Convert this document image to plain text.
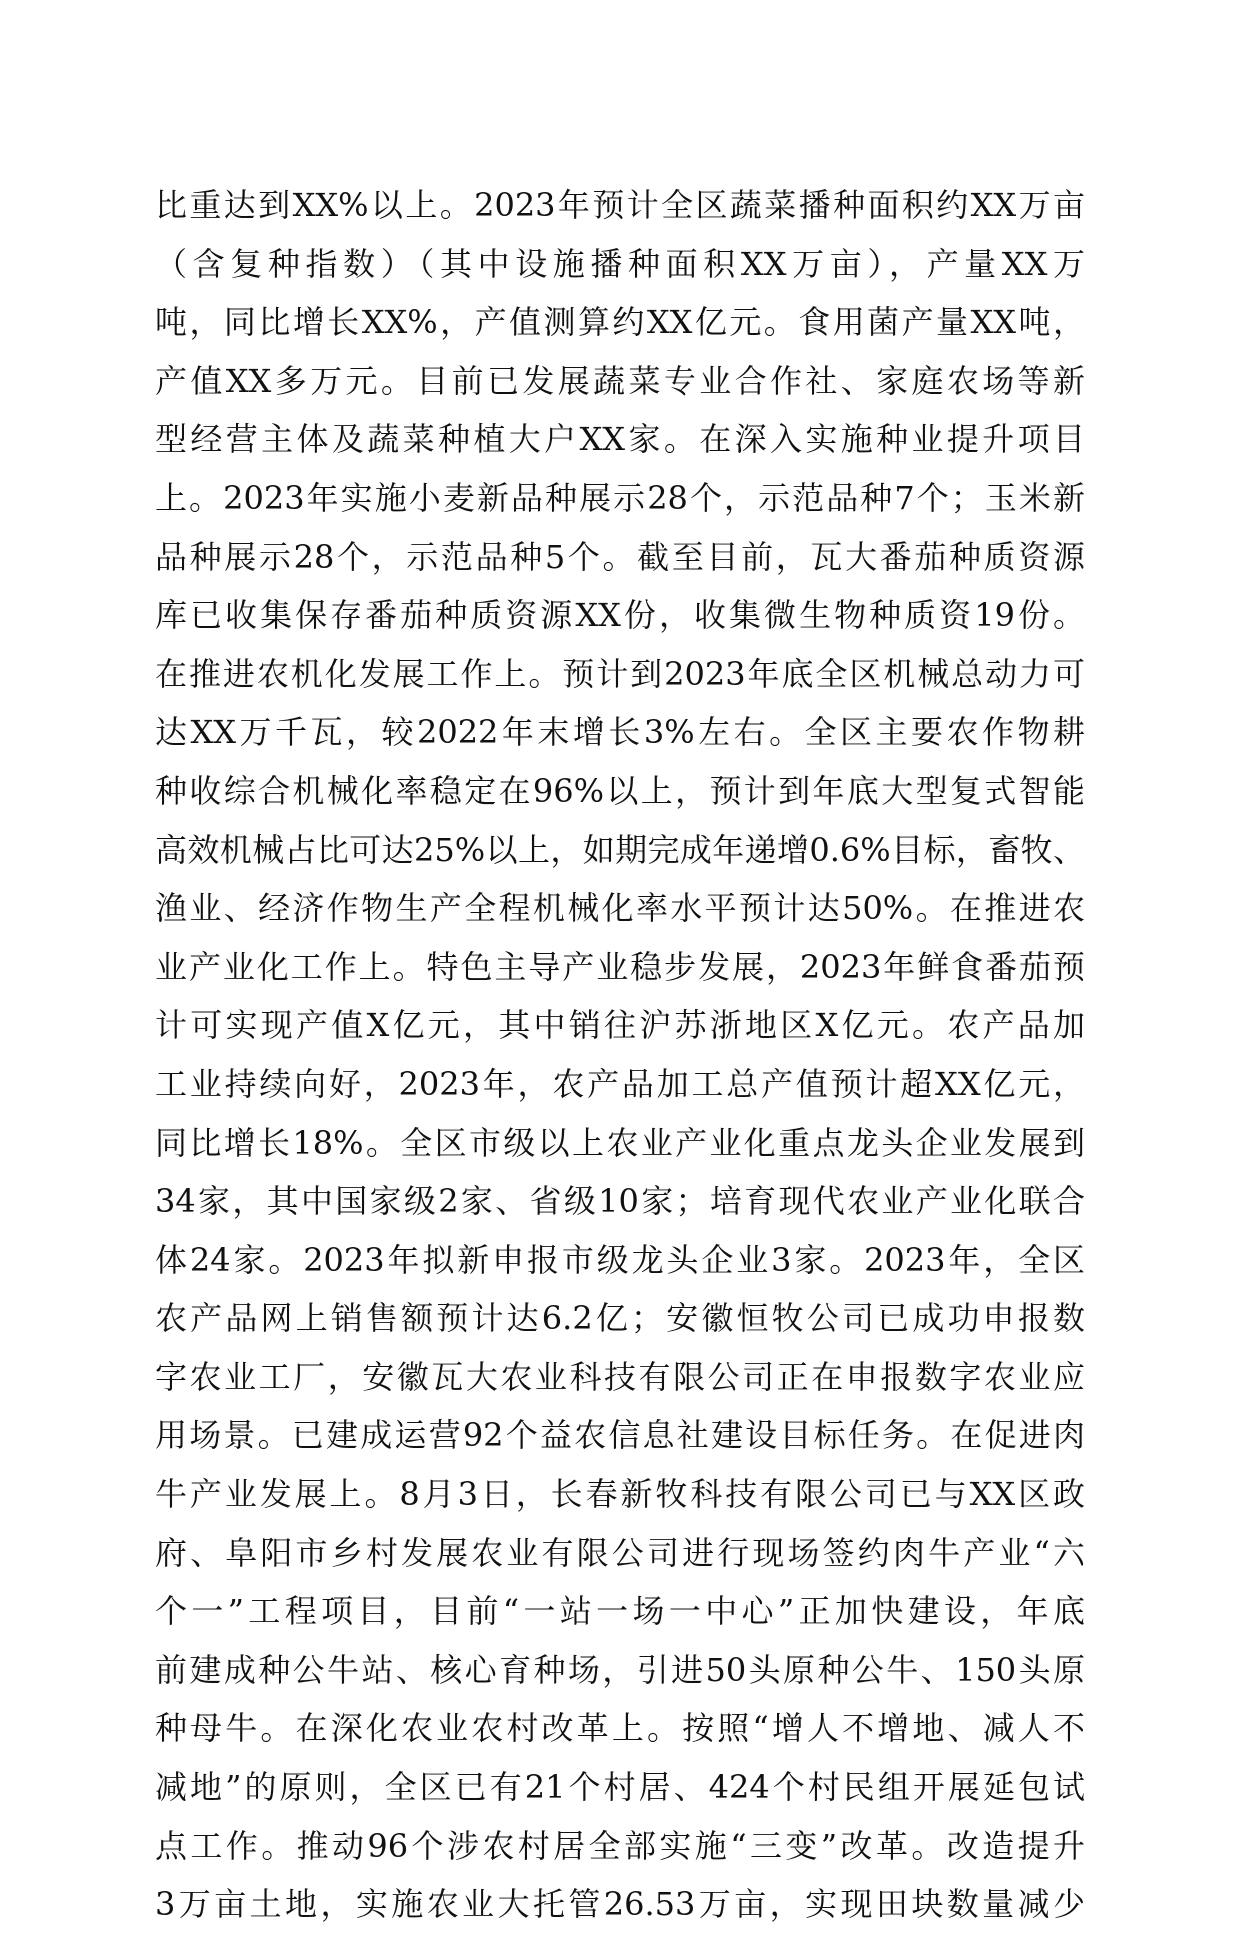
比重达到XX%以上。2023年预计全区蔬菜播种面积约XX万亩
（含复种指数）（其中设施播种面积XX万亩），产量XX万
吨，同比增长XX%，产值测算约XX亿元。食用菌产量XX吨，
产值XX多万元。目前已发展蔬菜专业合作社、家庭农场等新
型经营主体及蔬菜种植大户XX家。在深入实施种业提升项目
上。2023年实施小麦新品种展示28个，示范品种7个；玉米新
品种展示28个，示范品种5个。截至目前，瓦大番茄种质资源
库已收集保存番茄种质资源XX份，收集微生物种质资19份。
在推进农机化发展工作上。预计到2023年底全区机械总动力可
达XX万千瓦，较2022年末增长3%左右。全区主要农作物耕
种收综合机械化率稳定在96%以上，预计到年底大型复式智能
高效机械占比可达25%以上，如期完成年递增0.6%目标，畜牧、
渔业、经济作物生产全程机械化率水平预计达50%。在推进农
业产业化工作上。特色主导产业稳步发展，2023年鲜食番茄预
计可实现产值X亿元，其中销往沪苏浙地区X亿元。农产品加
工业持续向好，2023年，农产品加工总产值预计超XX亿元，
同比增长18%。全区市级以上农业产业化重点龙头企业发展到
34家，其中国家级2家、省级10家；培育现代农业产业化联合
体24家。2023年拟新申报市级龙头企业3家。2023年，全区
农产品网上销售额预计达6.2亿；安徽恒牧公司已成功申报数
字农业工厂，安徽瓦大农业科技有限公司正在申报数字农业应
用场景。已建成运营92个益农信息社建设目标任务。在促进肉
牛产业发展上。8月3日，长春新牧科技有限公司已与XX区政
府、阜阳市乡村发展农业有限公司进行现场签约肉牛产业“六
个一”工程项目，目前“一站一场一中心”正加快建设，年底
前建成种公牛站、核心育种场，引进50头原种公牛、150头原
种母牛。在深化农业农村改革上。按照“增人不增地、减人不
减地”的原则，全区已有21个村居、424个村民组开展延包试
点工作。推动96个涉农村居全部实施“三变”改革。改造提升
3万亩土地，实施农业大托管26.53万亩，实现田块数量减少
